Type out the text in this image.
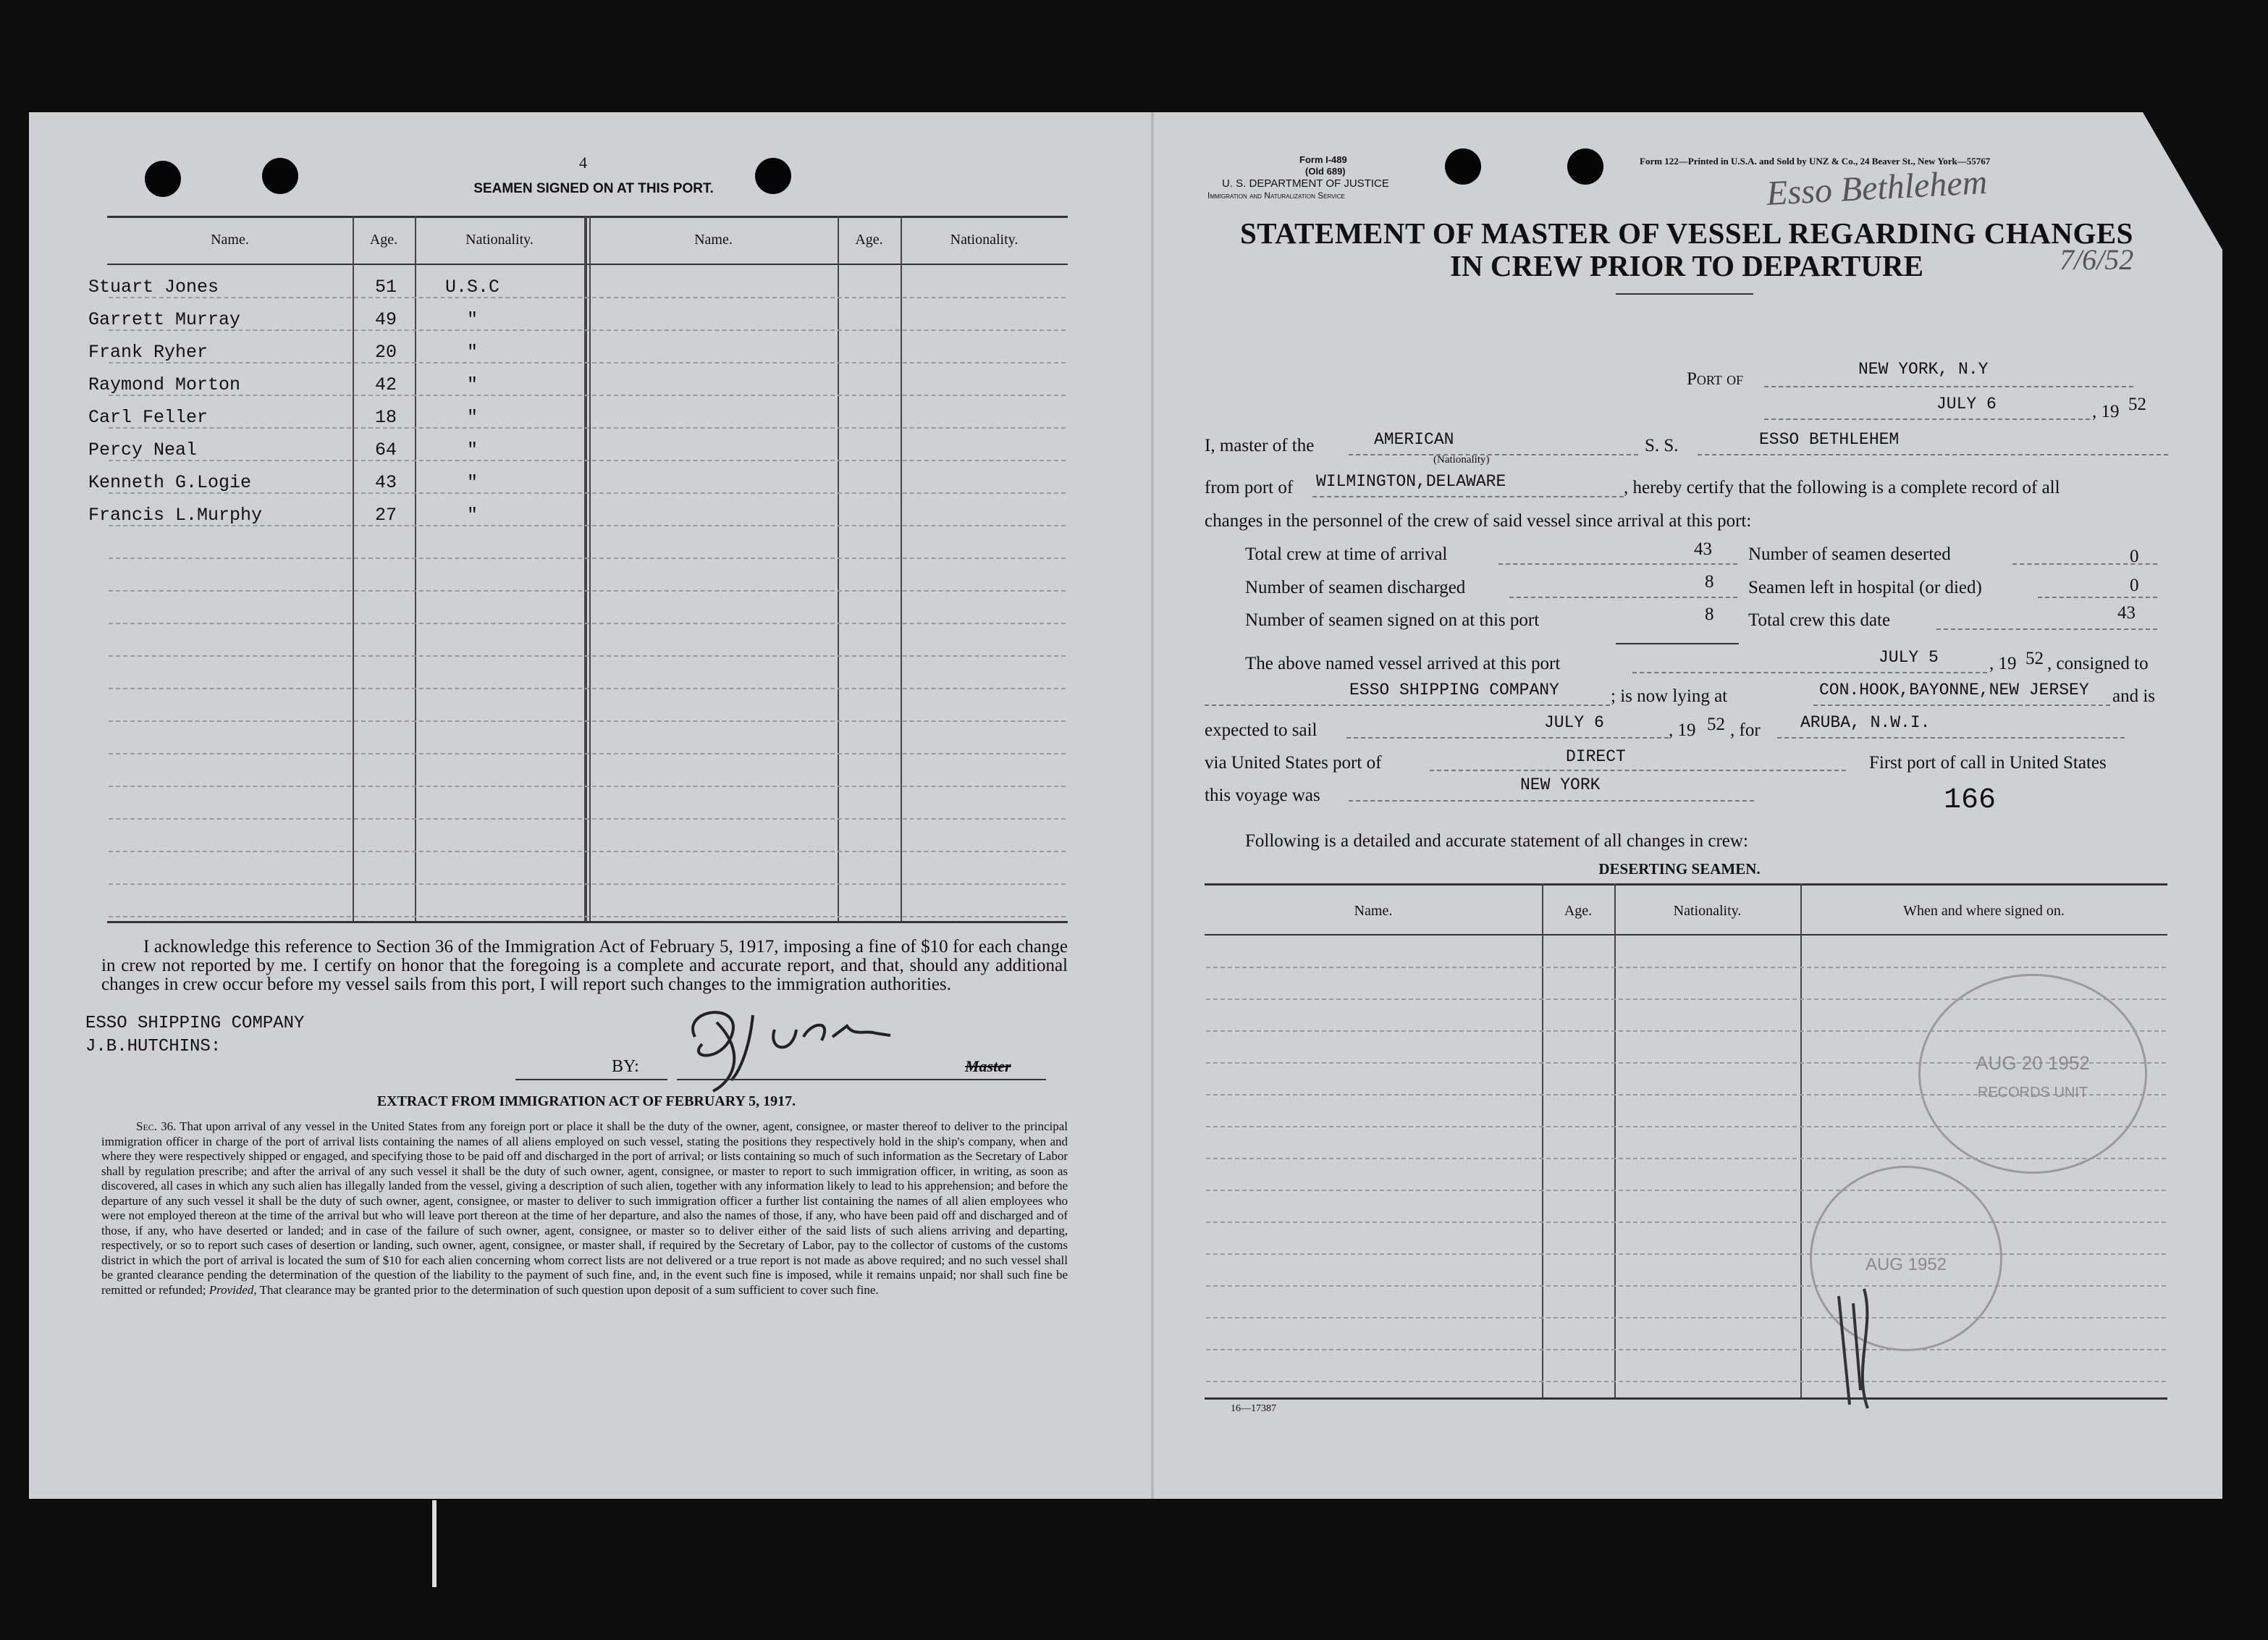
4
SEAMEN SIGNED ON AT THIS PORT.
Name.	Age.	Nationality.	Name.	Age.	Nationality.
Stuart Jones	51	U.S.C
Garrett Murray	49	"
Frank Ryher	20	"
Raymond Morton	42	"
Carl Feller	18	"
Percy Neal	64	"
Kenneth G.Logie	43	"
Francis L.Murphy	27	"
I acknowledge this reference to Section 36 of the Immigration Act of February 5, 1917, imposing a fine of $10 for each change in crew not reported by me. I certify on honor that the foregoing is a complete and accurate report, and that, should any additional changes in crew occur before my vessel sails from this port, I will report such changes to the immigration authorities.
ESSO SHIPPING COMPANY
J.B.HUTCHINS:
BY:	Master
EXTRACT FROM IMMIGRATION ACT OF FEBRUARY 5, 1917.
Sec. 36. That upon arrival of any vessel in the United States from any foreign port or place it shall be the duty of the owner, agent, consignee, or master thereof to deliver to the principal immigration officer in charge of the port of arrival lists containing the names of all aliens employed on such vessel, stating the positions they respectively hold in the ship's company, when and where they were respectively shipped or engaged, and specifying those to be paid off and discharged in the port of arrival; or lists containing so much of such information as the Secretary of Labor shall by regulation prescribe; and after the arrival of any such vessel it shall be the duty of such owner, agent, consignee, or master to report to such immigration officer, in writing, as soon as discovered, all cases in which any such alien has illegally landed from the vessel, giving a description of such alien, together with any information likely to lead to his apprehension; and before the departure of any such vessel it shall be the duty of such owner, agent, consignee, or master to deliver to such immigration officer a further list containing the names of all alien employees who were not employed thereon at the time of the arrival but who will leave port thereon at the time of her departure, and also the names of those, if any, who have been paid off and discharged and of those, if any, who have deserted or landed; and in case of the failure of such owner, agent, consignee, or master so to deliver either of the said lists of such aliens arriving and departing, respectively, or so to report such cases of desertion or landing, such owner, agent, consignee, or master shall, if required by the Secretary of Labor, pay to the collector of customs of the customs district in which the port of arrival is located the sum of $10 for each alien concerning whom correct lists are not delivered or a true report is not made as above required; and no such vessel shall be granted clearance pending the determination of the question of the liability to the payment of such fine, and, in the event such fine is imposed, while it remains unpaid; nor shall such fine be remitted or refunded; Provided, That clearance may be granted prior to the determination of such question upon deposit of a sum sufficient to cover such fine.
Form I-489
(Old 689)
U. S. DEPARTMENT OF JUSTICE
Immigration and Naturalization Service
Form 122—Printed in U.S.A. and Sold by UNZ & Co., 24 Beaver St., New York—55767
Esso Bethlehem
7/6/52
STATEMENT OF MASTER OF VESSEL REGARDING CHANGES
IN CREW PRIOR TO DEPARTURE
Port of	NEW YORK, N.Y
JULY 6	, 19 52
I, master of the	AMERICAN
(Nationality)
S. S.	ESSO BETHLEHEM
from port of WILMINGTON,DELAWARE	, hereby certify that the following is a complete record of all
changes in the personnel of the crew of said vessel since arrival at this port:
Total crew at time of arrival	43
Number of seamen discharged	8
Number of seamen signed on at this port	8
Number of seamen deserted	0
Seamen left in hospital (or died)	0
Total crew this date	43
The above named vessel arrived at this port	JULY 5	, 19 52 , consigned to
ESSO SHIPPING COMPANY	; is now lying at	CON.HOOK,BAYONNE,NEW JERSEY and is
expected to sail	JULY 6	, 19 52 , for ARUBA, N.W.I.
via United States port of	DIRECT	First port of call in United States
this voyage was
NEW YORK	166
Following is a detailed and accurate statement of all changes in crew:
DESERTING SEAMEN.
Name.	Age.	Nationality.	When and where signed on.
16—17387
AUG 20 1952
RECORDS UNIT
AUG 1952
